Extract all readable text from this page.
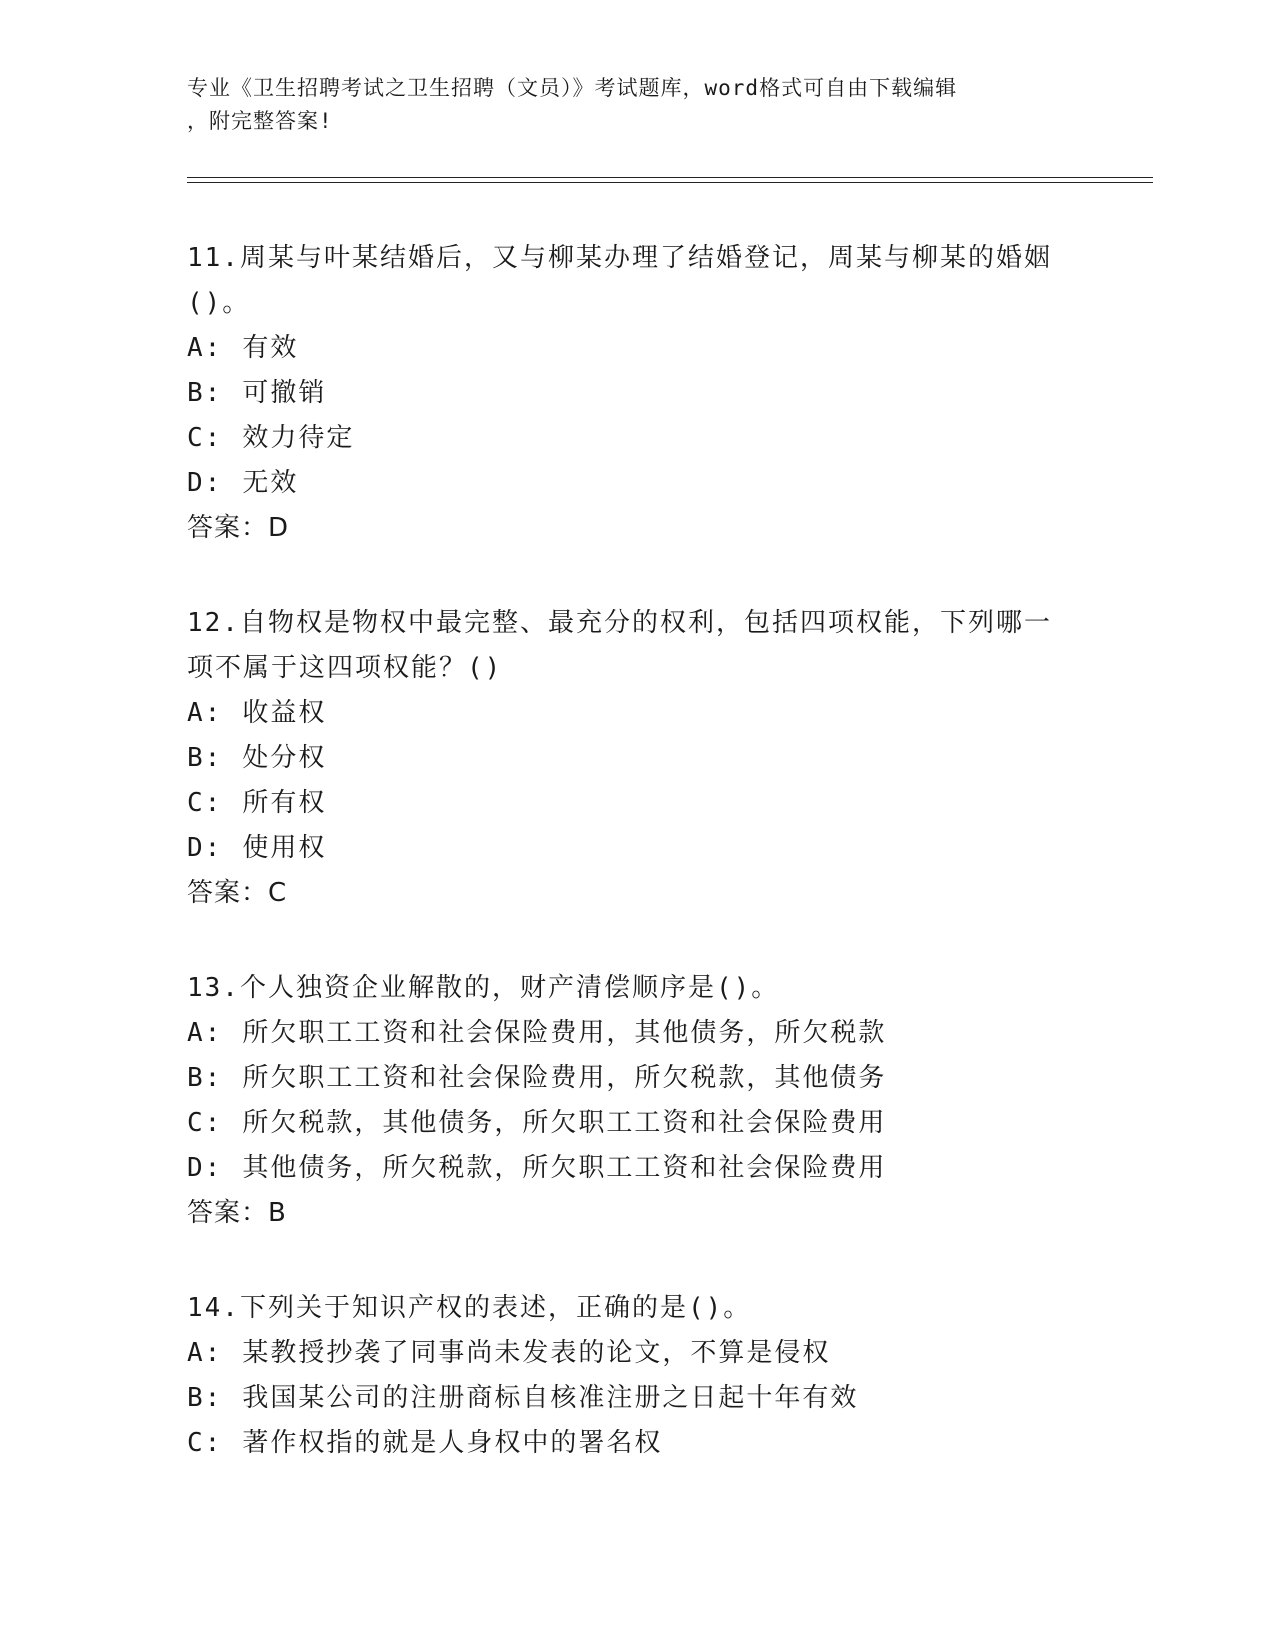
专业《卫生招聘考试之卫生招聘（文员）》考试题库，word格式可自由下载编辑
，附完整答案!

11.周某与叶某结婚后，又与柳某办理了结婚登记，周某与柳某的婚姻

()。

A: 有效

B: 可撤销

C: 效力待定

D: 无效

答案：D

12.自物权是物权中最完整、最充分的权利，包括四项权能，下列哪一

项不属于这四项权能？()

A: 收益权

B: 处分权

C: 所有权

D: 使用权

答案：C

13.个人独资企业解散的，财产清偿顺序是()。

A: 所欠职工工资和社会保险费用，其他债务，所欠税款

B: 所欠职工工资和社会保险费用，所欠税款，其他债务

C: 所欠税款，其他债务，所欠职工工资和社会保险费用

D: 其他债务，所欠税款，所欠职工工资和社会保险费用

答案：B

14.下列关于知识产权的表述，正确的是()。

A: 某教授抄袭了同事尚未发表的论文，不算是侵权

B: 我国某公司的注册商标自核准注册之日起十年有效

C: 著作权指的就是人身权中的署名权
